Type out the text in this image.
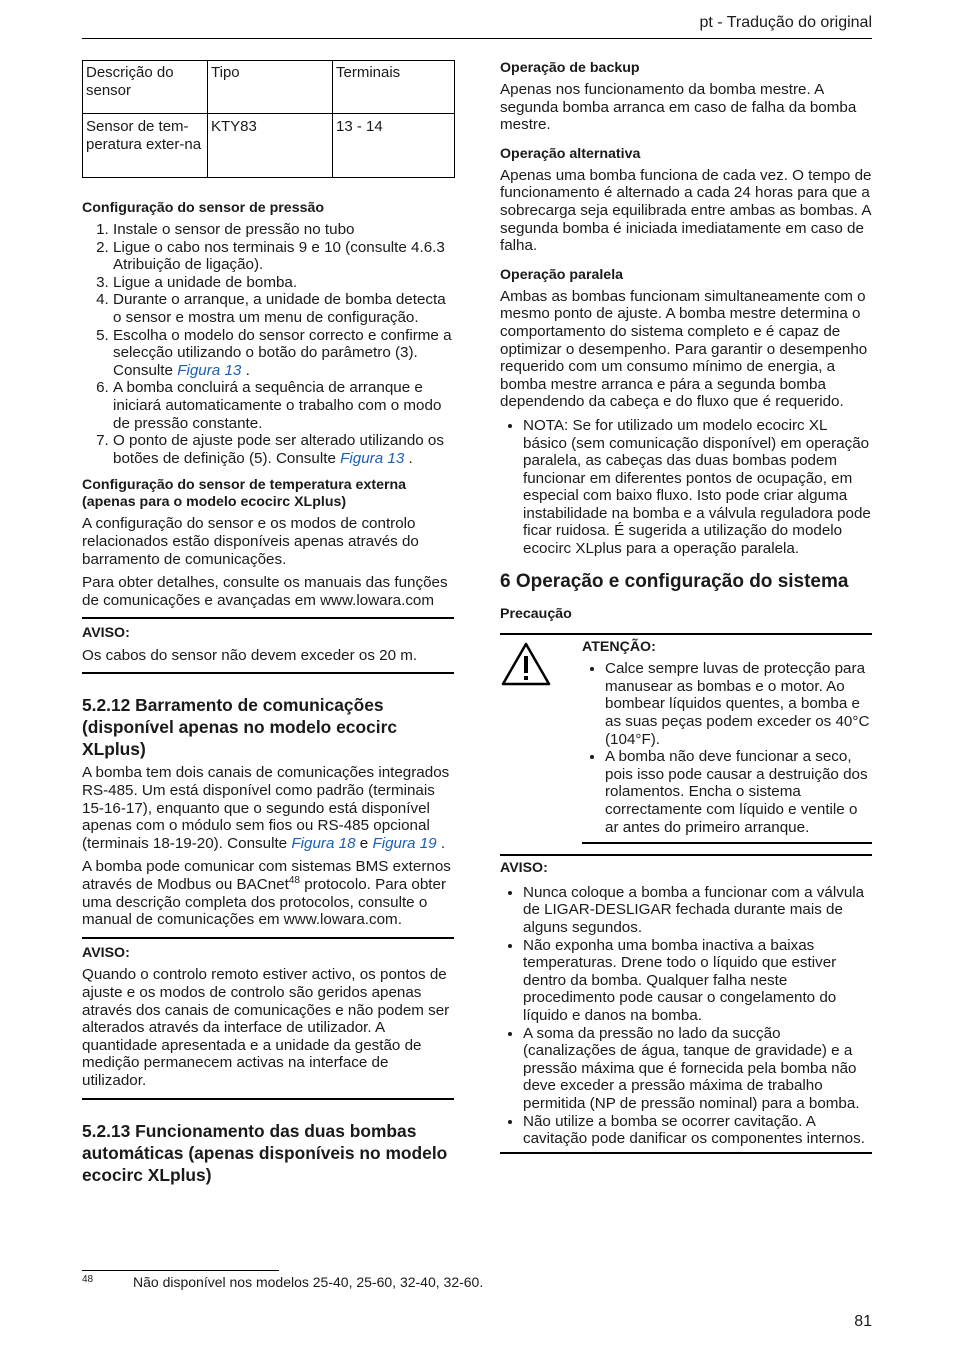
pt - Tradução do original
Descrição do sensor	Tipo	Terminais
Sensor de tem-peratura exter-na	KTY83	13 - 14
Configuração do sensor de pressão
1. Instale o sensor de pressão no tubo
2. Ligue o cabo nos terminais 9 e 10 (consulte 4.6.3 Atribuição de ligação).
3. Ligue a unidade de bomba.
4. Durante o arranque, a unidade de bomba detecta o sensor e mostra um menu de configuração.
5. Escolha o modelo do sensor correcto e confirme a selecção utilizando o botão do parâmetro (3). Consulte Figura 13 .
6. A bomba concluirá a sequência de arranque e iniciará automaticamente o trabalho com o modo de pressão constante.
7. O ponto de ajuste pode ser alterado utilizando os botões de definição (5). Consulte Figura 13 .
Configuração do sensor de temperatura externa (apenas para o modelo ecocirc XLplus)

A configuração do sensor e os modos de controlo relacionados estão disponíveis apenas através do barramento de comunicações.

Para obter detalhes, consulte os manuais das funções de comunicações e avançadas em www.lowara.com

AVISO:
Os cabos do sensor não devem exceder os 20 m.
5.2.12 Barramento de comunicações (disponível apenas no modelo ecocirc XLplus)

A bomba tem dois canais de comunicações integrados RS-485. Um está disponível como padrão (terminais 15-16-17), enquanto que o segundo está disponível apenas com o módulo sem fios ou RS-485 opcional (terminais 18-19-20). Consulte Figura 18 e Figura 19 .

A bomba pode comunicar com sistemas BMS externos através de Modbus ou BACnet$^{48}$ protocolo. Para obter uma descrição completa dos protocolos, consulte o manual de comunicações em www.lowara.com.

AVISO:
Quando o controlo remoto estiver activo, os pontos de ajuste e os modos de controlo são geridos apenas através dos canais de comunicações e não podem ser alterados através da interface de utilizador. A quantidade apresentada e a unidade da gestão de medição permanecem activas na interface de utilizador.
5.2.13 Funcionamento das duas bombas automáticas (apenas disponíveis no modelo ecocirc XLplus)
Operação de backup

Apenas nos funcionamento da bomba mestre. A segunda bomba arranca em caso de falha da bomba mestre.

Operação alternativa

Apenas uma bomba funciona de cada vez. O tempo de funcionamento é alternado a cada 24 horas para que a sobrecarga seja equilibrada entre ambas as bombas. A segunda bomba é iniciada imediatamente em caso de falha.

Operação paralela

Ambas as bombas funcionam simultaneamente com o mesmo ponto de ajuste. A bomba mestre determina o comportamento do sistema completo e é capaz de optimizar o desempenho. Para garantir o desempenho requerido com um consumo mínimo de energia, a bomba mestre arranca e pára a segunda bomba dependendo da cabeça e do fluxo que é requerido.

• NOTA: Se for utilizado um modelo ecocirc XL básico (sem comunicação disponível) em operação paralela, as cabeças das duas bombas podem funcionar em diferentes pontos de ocupação, em especial com baixo fluxo. Isto pode criar alguma instabilidade na bomba e a válvula reguladora pode ficar ruidosa. É sugerida a utilização do modelo ecocirc XLplus para a operação paralela.
6 Operação e configuração do sistema
Precaução
ATENÇÃO:
• Calce sempre luvas de protecção para manusear as bombas e o motor. Ao bombear líquidos quentes, a bomba e as suas peças podem exceder os 40°C (104°F).
• A bomba não deve funcionar a seco, pois isso pode causar a destruição dos rolamentos. Encha o sistema correctamente com líquido e ventile o ar antes do primeiro arranque.
AVISO:
• Nunca coloque a bomba a funcionar com a válvula de LIGAR-DESLIGAR fechada durante mais de alguns segundos.
• Não exponha uma bomba inactiva a baixas temperaturas. Drene todo o líquido que estiver dentro da bomba. Qualquer falha neste procedimento pode causar o congelamento do líquido e danos na bomba.
• A soma da pressão no lado da sucção (canalizações de água, tanque de gravidade) e a pressão máxima que é fornecida pela bomba não deve exceder a pressão máxima de trabalho permitida (NP de pressão nominal) para a bomba.
• Não utilize a bomba se ocorrer cavitação. A cavitação pode danificar os componentes internos.
48	Não disponível nos modelos 25-40, 25-60, 32-40, 32-60.
81
